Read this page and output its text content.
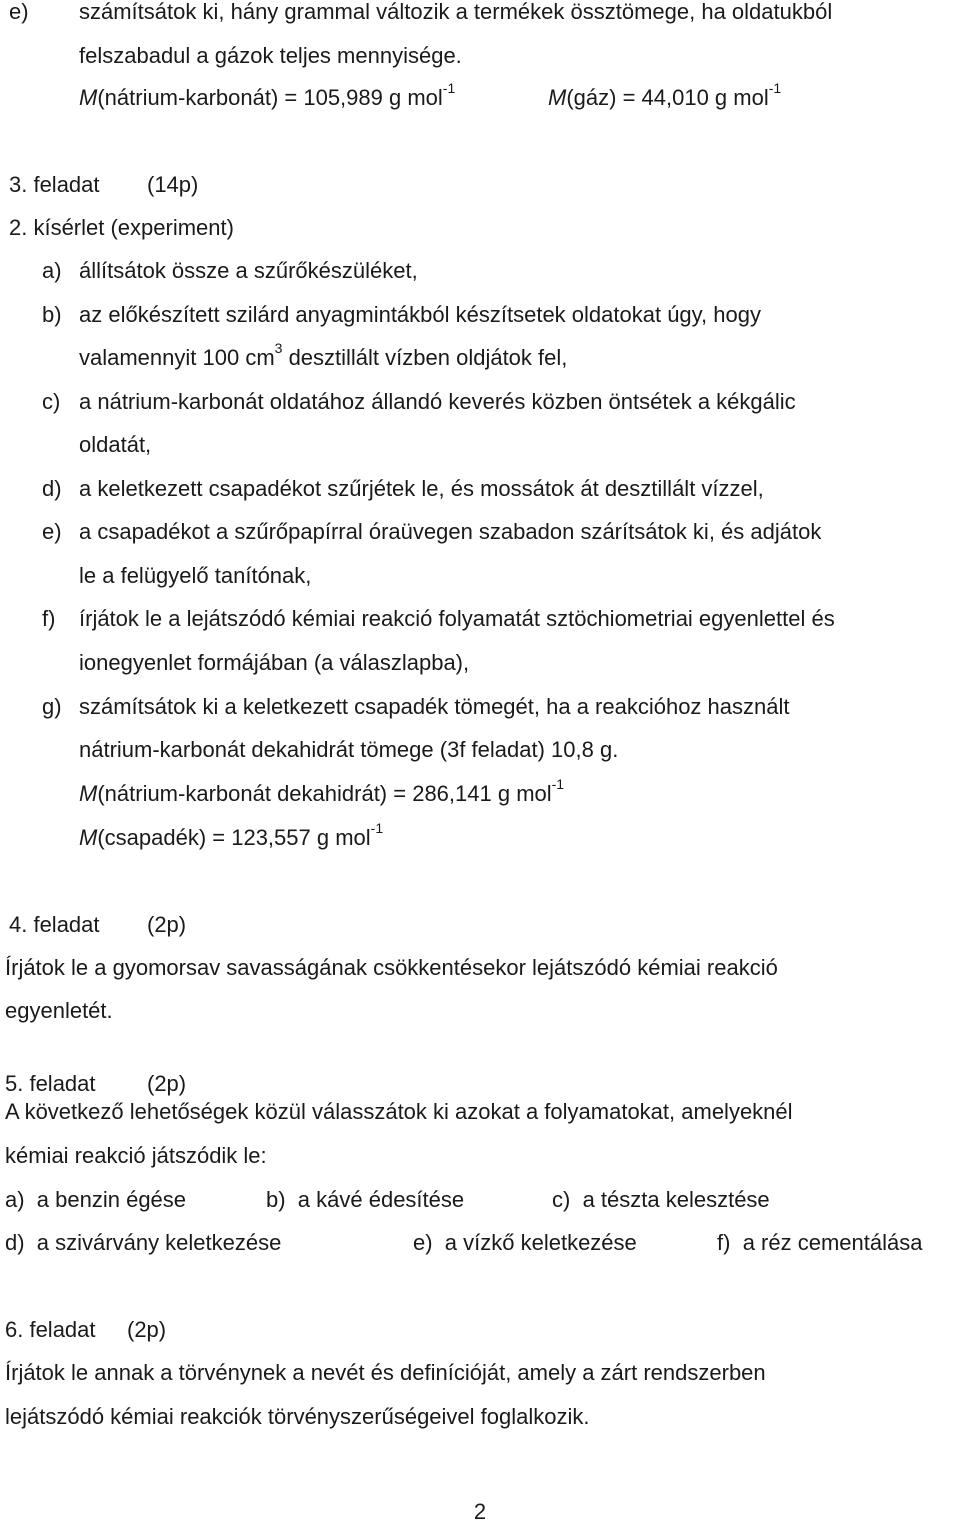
e) számítsátok ki, hány grammal változik a termékek össztömege, ha oldatukból
felszabadul a gázok teljes mennyisége.
M(nátrium-karbonát) = 105,989 g mol$^{-1}$	M(gáz) = 44,010 g mol$^{-1}$
3. feladat (14p)
2. kísérlet (experiment)
a) állítsátok össze a szűrőkészüléket,
b) az előkészített szilárd anyagmintákból készítsetek oldatokat úgy, hogy
valamennyit 100 $cm^3$ desztillált vízben oldjátok fel,
c) a nátrium-karbonát oldatához állandó keverés közben öntsétek a kékgálic
oldatát,
d) a keletkezett csapadékot szűrjétek le, és mossátok át desztillált vízzel,
e) a csapadékot a szűrőpapírral óraüvegen szabadon szárítsátok ki, és adjátok
le a felügyelő tanítónak,
f) írjátok le a lejátszódó kémiai reakció folyamatát sztöchiometriai egyenlettel és
ionegyenlet formájában (a válaszlapba),
g) számítsátok ki a keletkezett csapadék tömegét, ha a reakcióhoz használt
nátrium-karbonát dekahidrát tömege (3f feladat) 10,8 g.
M(nátrium-karbonát dekahidrát) = 286,141 g mol$^{-1}$
M(csapadék) = 123,557 g mol$^{-1}$
4. feladat (2p)
Írjátok le a gyomorsav savasságának csökkentésekor lejátszódó kémiai reakció
egyenletét.
5. feladat (2p)
A következő lehetőségek közül válasszátok ki azokat a folyamatokat, amelyeknél
kémiai reakció játszódik le:
a) a benzin égése	b) a kávé édesítése	c) a tészta kelesztése
d) a szivárvány keletkezése	e) a vízkő keletkezése	f) a réz cementálása
6. feladat (2p)
Írjátok le annak a törvénynek a nevét és definícióját, amely a zárt rendszerben
lejátszódó kémiai reakciók törvényszerűségeivel foglalkozik.
2
